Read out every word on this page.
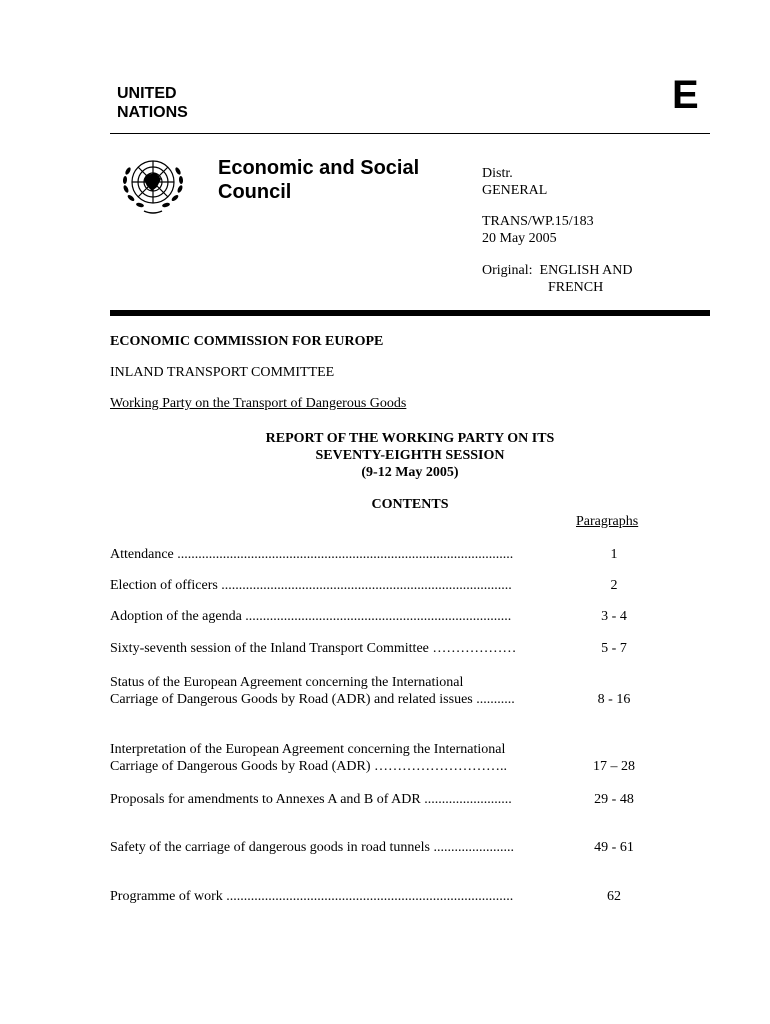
UNITED
NATIONS	E
Economic and Social
Council
Distr.
GENERAL
TRANS/WP.15/183
20 May 2005
Original: ENGLISH AND
FRENCH
ECONOMIC COMMISSION FOR EUROPE
INLAND TRANSPORT COMMITTEE
Working Party on the Transport of Dangerous Goods
REPORT OF THE WORKING PARTY ON ITS
SEVENTY-EIGHTH SESSION
(9-12 May 2005)
CONTENTS
Paragraphs
Attendance ................................................................................................	1
Election of officers ...................................................................................	2
Adoption of the agenda ............................................................................	3 - 4
Sixty-seventh session of the Inland Transport Committee ………………	5 - 7
Status of the European Agreement concerning the International
Carriage of Dangerous Goods by Road (ADR) and related issues ...........	8 - 16
Interpretation of the European Agreement concerning the International
Carriage of Dangerous Goods by Road (ADR) ………………………..	17 – 28
Proposals for amendments to Annexes A and B of ADR .........................	29 - 48
Safety of the carriage of dangerous goods in road tunnels .......................	49 - 61
Programme of work ..................................................................................	62
